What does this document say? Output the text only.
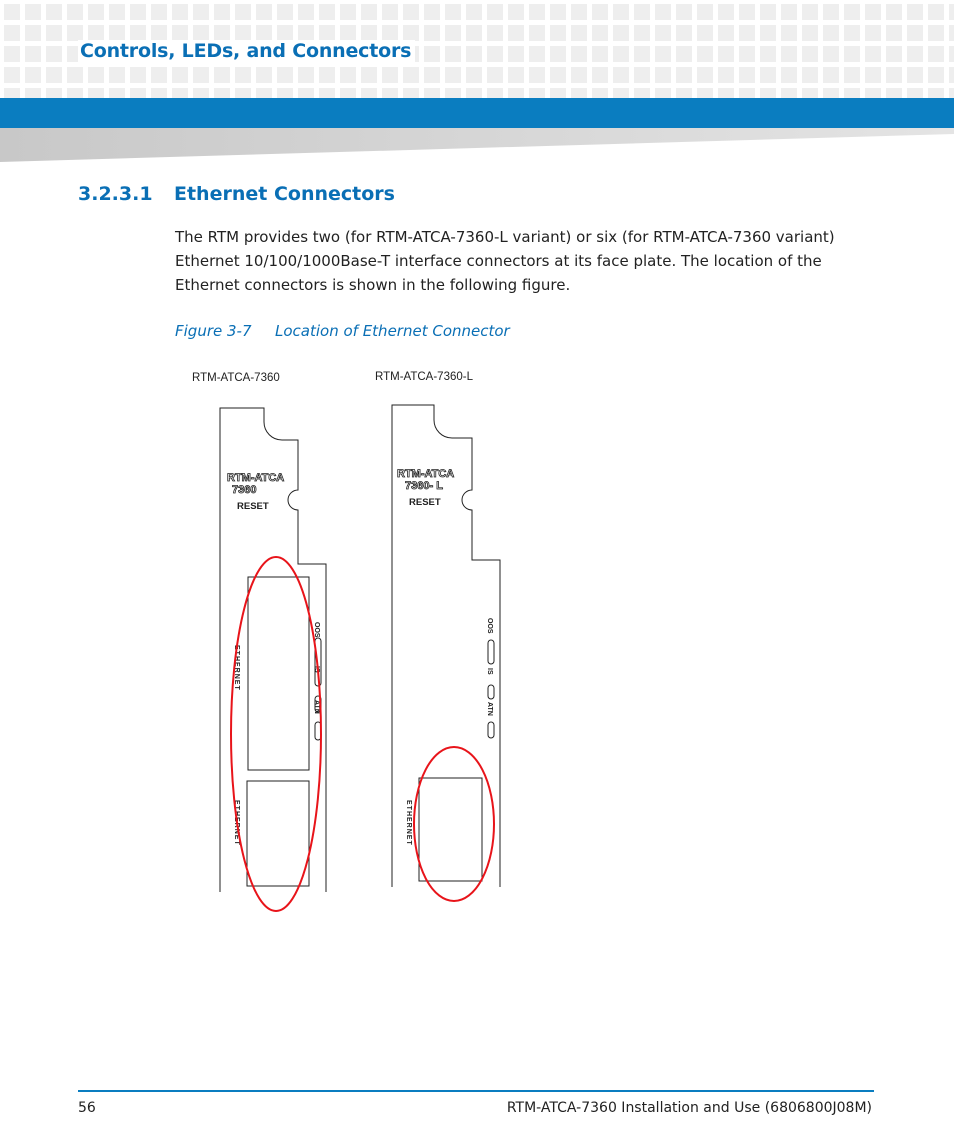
Controls, LEDs, and Connectors
3.2.3.1 Ethernet Connectors
The RTM provides two (for RTM-ATCA-7360-L variant) or six (for RTM-ATCA-7360 variant) Ethernet 10/100/1000Base-T interface connectors at its face plate. The location of the Ethernet connectors is shown in the following figure.
Figure 3-7 Location of Ethernet Connector
RTM-ATCA-7360
RTM-ATCA
7360
RESET
ETHERNET
ETHERNET
OOS
IS
ATN
RTM-ATCA-7360-L
RTM-ATCA
7360- L
RESET
ETHERNET
OOS
IS
ATN
56	RTM-ATCA-7360 Installation and Use (6806800J08M)
